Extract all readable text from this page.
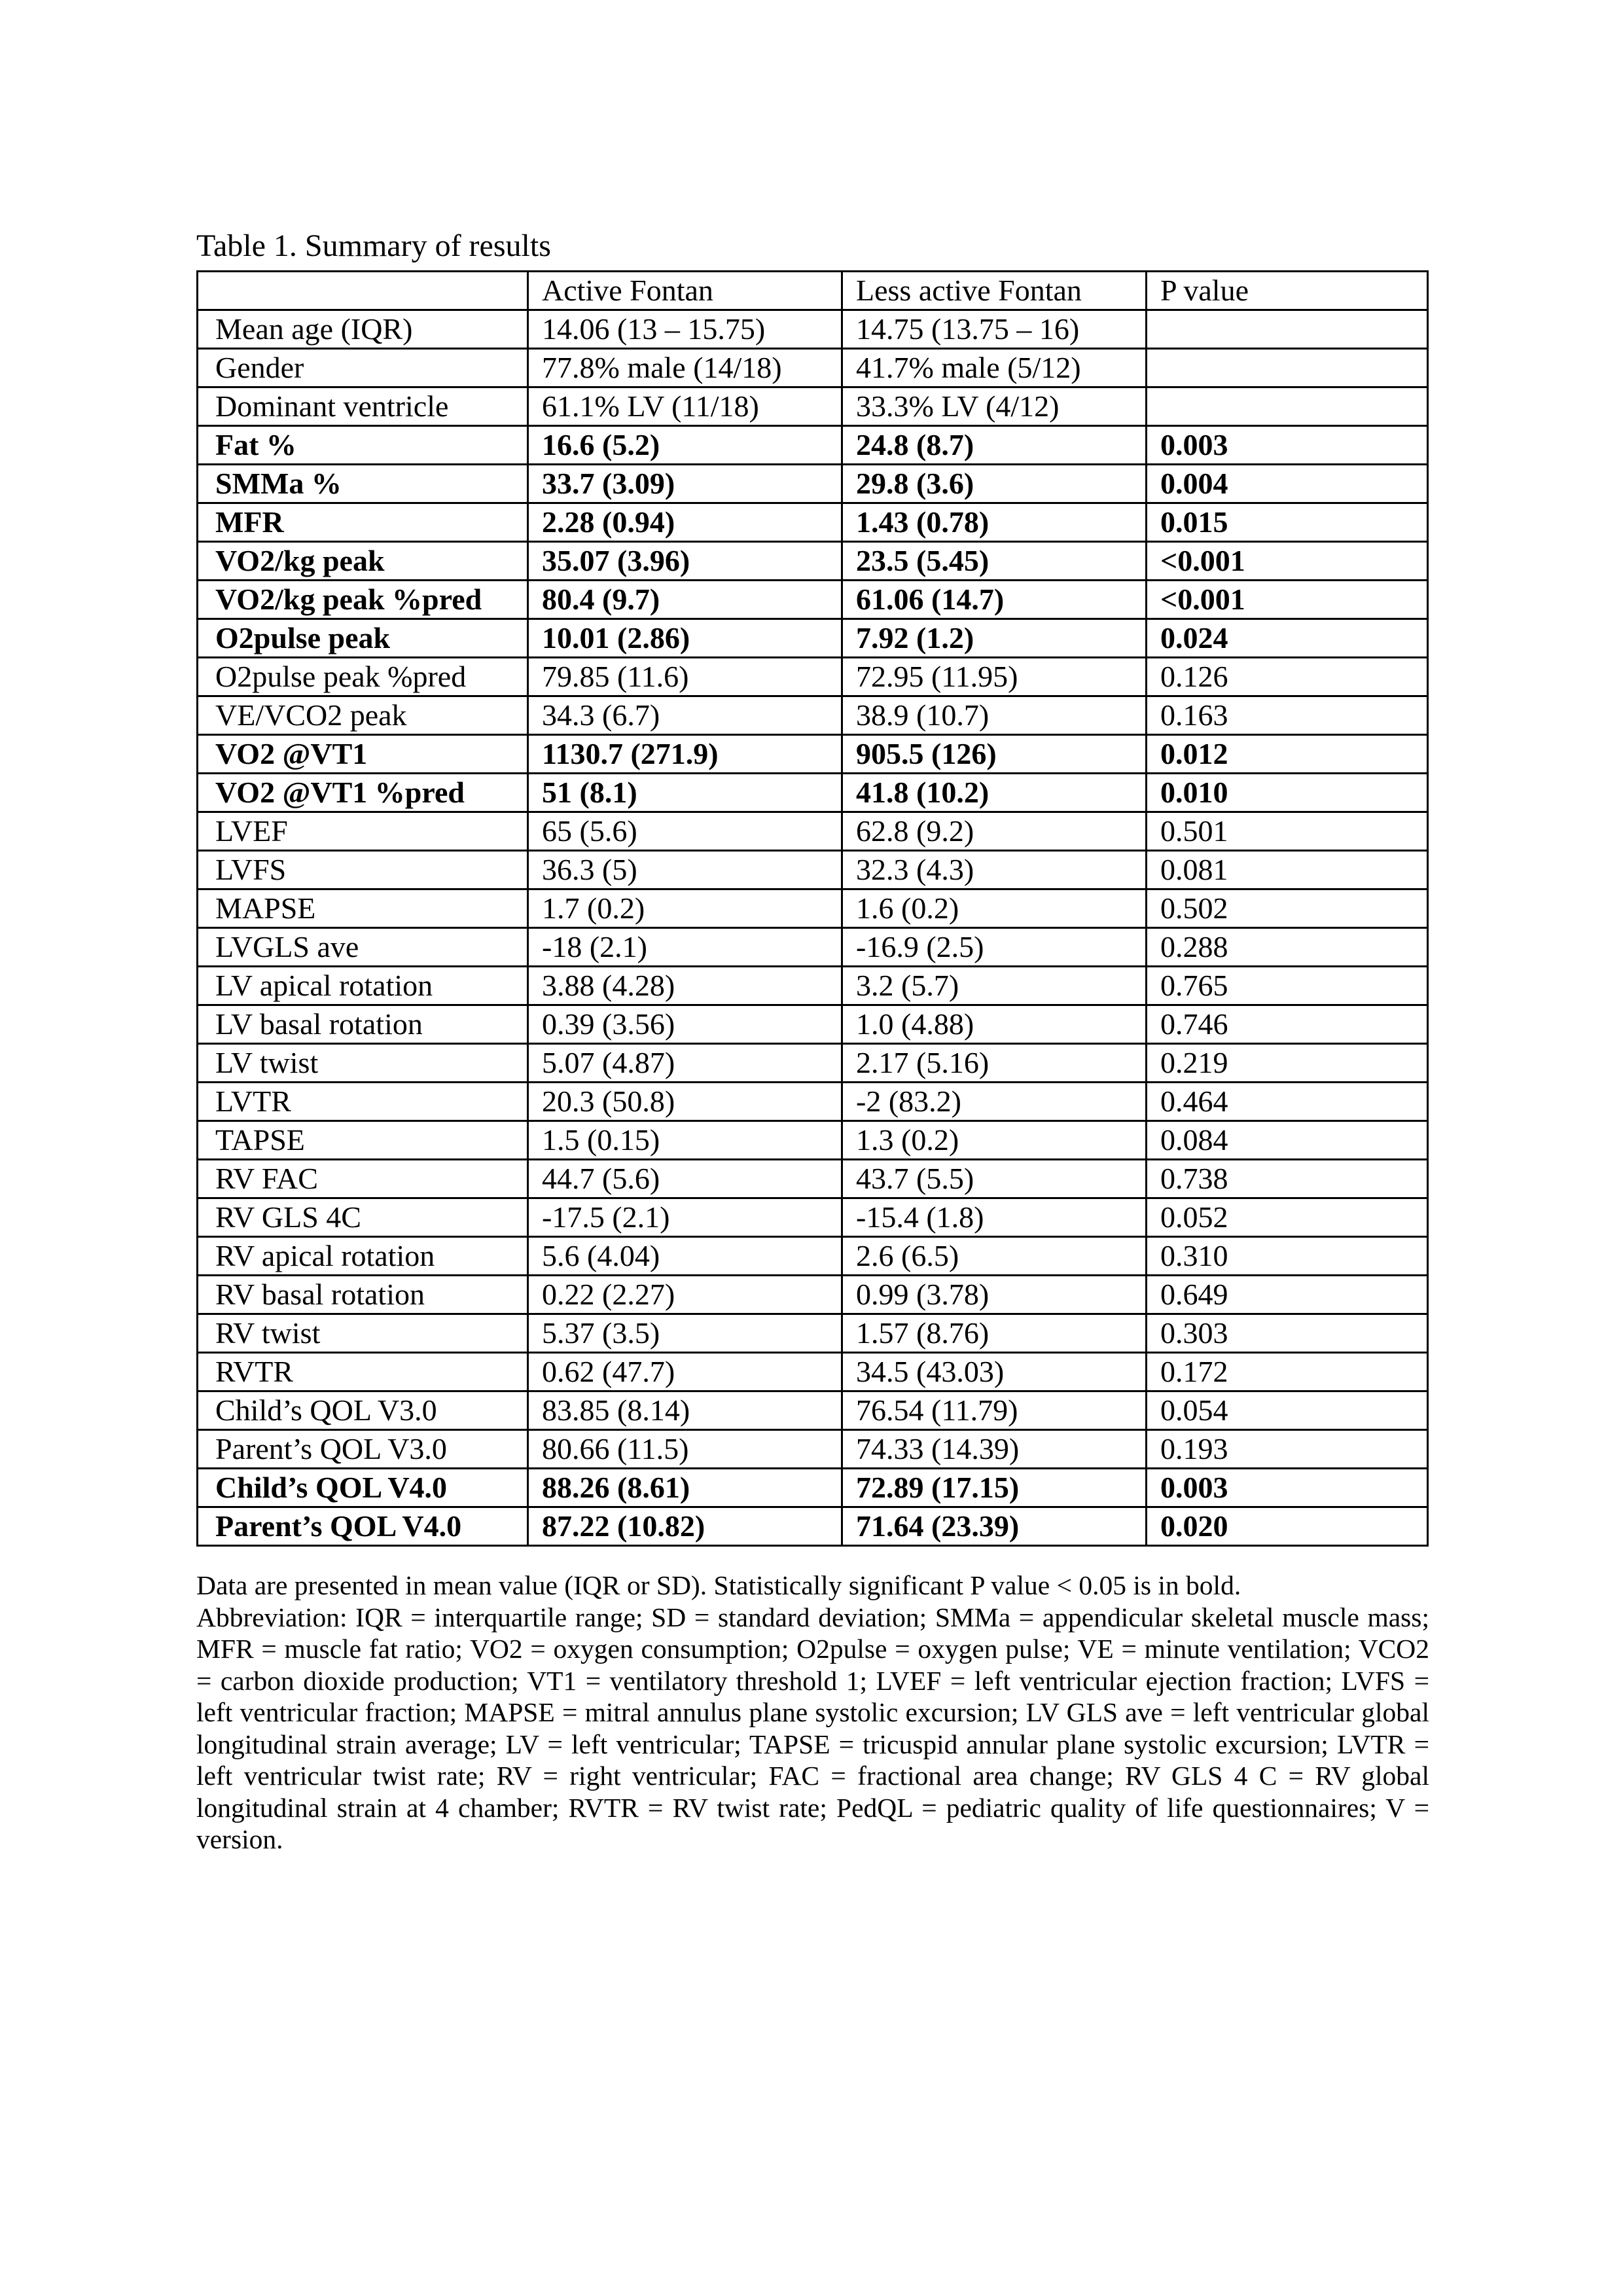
Table 1. Summary of results
	Active Fontan	Less active Fontan	P value
Mean age (IQR)	14.06 (13 – 15.75)	14.75 (13.75 – 16)	
Gender	77.8% male (14/18)	41.7% male (5/12)	
Dominant ventricle	61.1% LV (11/18)	33.3% LV (4/12)	
Fat %	16.6 (5.2)	24.8 (8.7)	0.003
SMMa %	33.7 (3.09)	29.8 (3.6)	0.004
MFR	2.28 (0.94)	1.43 (0.78)	0.015
VO2/kg peak	35.07 (3.96)	23.5 (5.45)	<0.001
VO2/kg peak %pred	80.4 (9.7)	61.06 (14.7)	<0.001
O2pulse peak	10.01 (2.86)	7.92 (1.2)	0.024
O2pulse peak %pred	79.85 (11.6)	72.95 (11.95)	0.126
VE/VCO2 peak	34.3 (6.7)	38.9 (10.7)	0.163
VO2 @VT1	1130.7 (271.9)	905.5 (126)	0.012
VO2 @VT1 %pred	51 (8.1)	41.8 (10.2)	0.010
LVEF	65 (5.6)	62.8 (9.2)	0.501
LVFS	36.3 (5)	32.3 (4.3)	0.081
MAPSE	1.7 (0.2)	1.6 (0.2)	0.502
LVGLS ave	-18 (2.1)	-16.9 (2.5)	0.288
LV apical rotation	3.88 (4.28)	3.2 (5.7)	0.765
LV basal rotation	0.39 (3.56)	1.0 (4.88)	0.746
LV twist	5.07 (4.87)	2.17 (5.16)	0.219
LVTR	20.3 (50.8)	-2 (83.2)	0.464
TAPSE	1.5 (0.15)	1.3 (0.2)	0.084
RV FAC	44.7 (5.6)	43.7 (5.5)	0.738
RV GLS 4C	-17.5 (2.1)	-15.4 (1.8)	0.052
RV apical rotation	5.6 (4.04)	2.6 (6.5)	0.310
RV basal rotation	0.22 (2.27)	0.99 (3.78)	0.649
RV twist	5.37 (3.5)	1.57 (8.76)	0.303
RVTR	0.62 (47.7)	34.5 (43.03)	0.172
Child’s QOL V3.0	83.85 (8.14)	76.54 (11.79)	0.054
Parent’s QOL V3.0	80.66 (11.5)	74.33 (14.39)	0.193
Child’s QOL V4.0	88.26 (8.61)	72.89 (17.15)	0.003
Parent’s QOL V4.0	87.22 (10.82)	71.64 (23.39)	0.020
Data are presented in mean value (IQR or SD). Statistically significant P value < 0.05 is in bold.
Abbreviation: IQR = interquartile range; SD = standard deviation; SMMa = appendicular skeletal muscle mass; MFR = muscle fat ratio; VO2 = oxygen consumption; O2pulse = oxygen pulse; VE = minute ventilation; VCO2 = carbon dioxide production; VT1 = ventilatory threshold 1; LVEF = left ventricular ejection fraction; LVFS = left ventricular fraction; MAPSE = mitral annulus plane systolic excursion; LV GLS ave = left ventricular global longitudinal strain average; LV = left ventricular; TAPSE = tricuspid annular plane systolic excursion; LVTR = left ventricular twist rate; RV = right ventricular; FAC = fractional area change; RV GLS 4 C = RV global longitudinal strain at 4 chamber; RVTR = RV twist rate; PedQL = pediatric quality of life questionnaires; V = version.
